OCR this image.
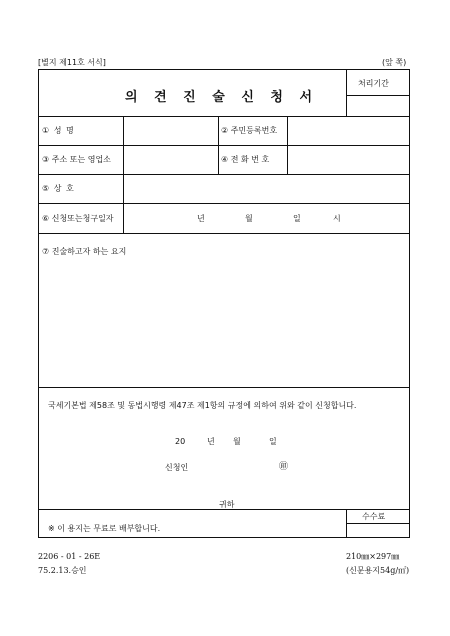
[별지 제11호 서식]	(앞 쪽)
의 견 진 술 신 청 서
처리기간
① 성 명	② 주민등록번호
③ 주소 또는 영업소	④ 전 화 번 호
⑤ 상 호
⑥ 신청또는청구일자	년	월	일	시
⑦ 진술하고자 하는 요지
국세기본법 제58조 및 동법시행령 제47조 제1항의 규정에 의하여 위와 같이 신청합니다.
20	년 월	일
신청인	㊞
귀하
※ 이 용지는 무료로 배부합니다.
수수료
2206 - 01 - 26E
75.2.13.승인
210㎜×297㎜
(신문용지54g/㎡)
